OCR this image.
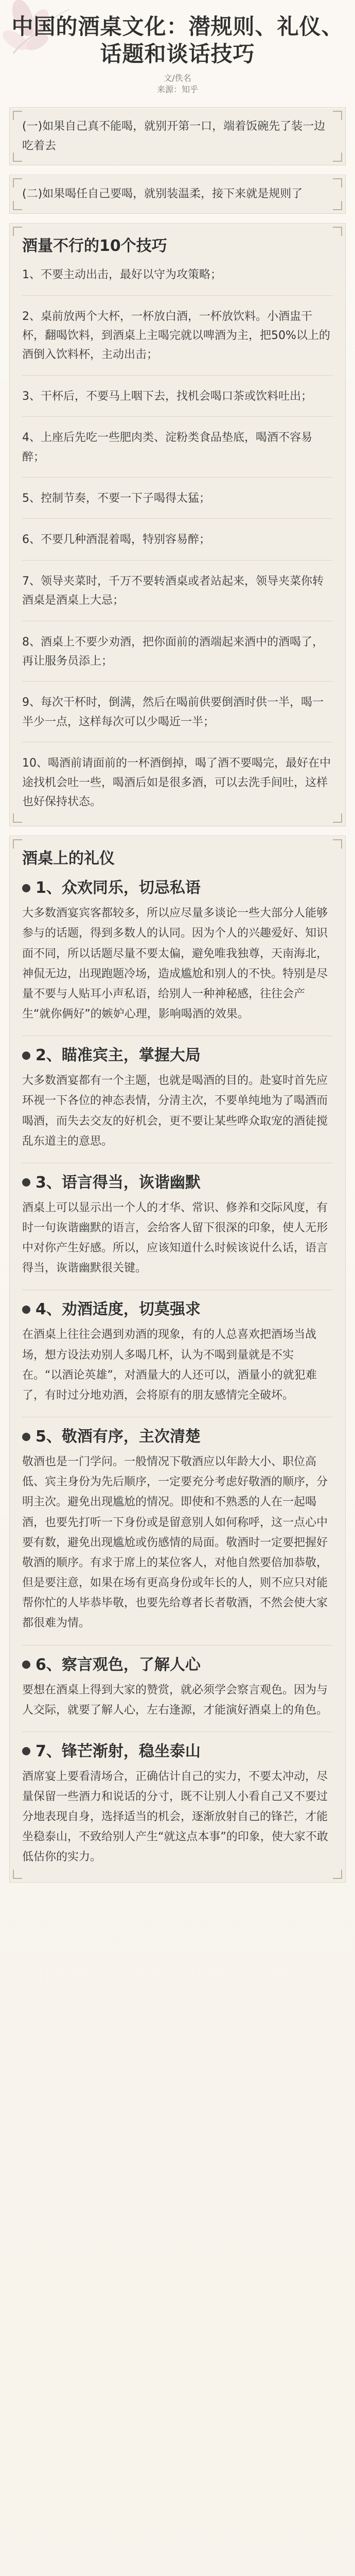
中国的酒桌文化：潜规则、礼仪、话题和谈话技巧
文/佚名
来源：知乎

(一)如果自己真不能喝，就别开第一口，端着饭碗先了装一边吃着去

(二)如果喝任自己要喝，就别装温柔，接下来就是规则了

酒量不行的10个技巧
1、不要主动出击，最好以守为攻策略；
2、桌前放两个大杯，一杯放白酒，一杯放饮料。小酒盅干杯，翻喝饮料，到酒桌上主喝完就以啤酒为主，把50%以上的酒倒入饮料杯，主动出击；
3、干杯后，不要马上咽下去，找机会喝口茶或饮料吐出；
4、上座后先吃一些肥肉类、淀粉类食品垫底，喝酒不容易醉；
5、控制节奏，不要一下子喝得太猛；
6、不要几种酒混着喝，特别容易醉；
7、领导夹菜时，千万不要转酒桌或者站起来，领导夹菜你转酒桌是酒桌上大忌；
8、酒桌上不要少劝酒，把你面前的酒端起来酒中的酒喝了，再让服务员添上；
9、每次干杯时，倒满，然后在喝前供要倒酒时供一半，喝一半少一点，这样每次可以少喝近一半；
10、喝酒前请面前的一杯酒倒掉，喝了酒不要喝完，最好在中途找机会吐一些，喝酒后如是很多酒，可以去洗手间吐，这样也好保持状态。
酒桌上的礼仪
1、众欢同乐，切忌私语

大多数酒宴宾客都较多，所以应尽量多谈论一些大部分人能够参与的话题，得到多数人的认同。因为个人的兴趣爱好、知识面不同，所以话题尽量不要太偏，避免唯我独尊，天南海北，神侃无边，出现跑题冷场，造成尴尬和别人的不快。特别是尽量不要与人贴耳小声私语，给别人一种神秘感，往往会产生“就你俩好”的嫉妒心理，影响喝酒的效果。

2、瞄准宾主，掌握大局

大多数酒宴都有一个主题，也就是喝酒的目的。赴宴时首先应环视一下各位的神态表情，分清主次，不要单纯地为了喝酒而喝酒，而失去交友的好机会，更不要让某些哗众取宠的酒徒搅乱东道主的意思。

3、语言得当，诙谐幽默

酒桌上可以显示出一个人的才华、常识、修养和交际风度，有时一句诙谐幽默的语言，会给客人留下很深的印象，使人无形中对你产生好感。所以，应该知道什么时候该说什么话，语言得当，诙谐幽默很关键。

4、劝酒适度，切莫强求

在酒桌上往往会遇到劝酒的现象，有的人总喜欢把酒场当战场，想方设法劝别人多喝几杯，认为不喝到量就是不实在。“以酒论英雄”，对酒量大的人还可以，酒量小的就犯难了，有时过分地劝酒，会将原有的朋友感情完全破坏。

5、敬酒有序，主次清楚

敬酒也是一门学问。一般情况下敬酒应以年龄大小、职位高低、宾主身份为先后顺序，一定要充分考虑好敬酒的顺序，分明主次。避免出现尴尬的情况。即使和不熟悉的人在一起喝酒，也要先打听一下身份或是留意别人如何称呼，这一点心中要有数，避免出现尴尬或伤感情的局面。敬酒时一定要把握好敬酒的顺序。有求于席上的某位客人，对他自然要倍加恭敬，但是要注意，如果在场有更高身份或年长的人，则不应只对能帮你忙的人毕恭毕敬，也要先给尊者长者敬酒，不然会使大家都很难为情。

6、察言观色，了解人心

要想在酒桌上得到大家的赞赏，就必须学会察言观色。因为与人交际，就要了解人心，左右逢源，才能演好酒桌上的角色。

7、锋芒渐射，稳坐泰山

酒席宴上要看清场合，正确估计自己的实力，不要太冲动，尽量保留一些酒力和说话的分寸，既不让别人小看自己又不要过分地表现自身，选择适当的机会，逐渐放射自己的锋芒，才能坐稳泰山，不致给别人产生“就这点本事”的印象，使大家不敢低估你的实力。
